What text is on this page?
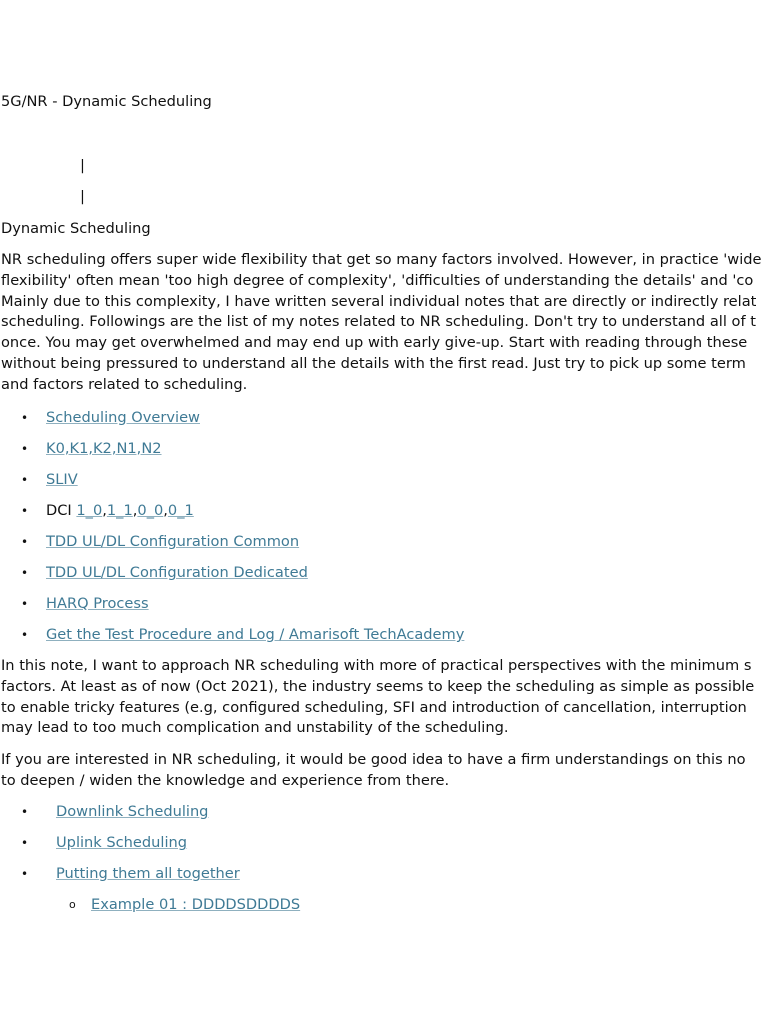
5G/NR - Dynamic Scheduling
|
|
Dynamic Scheduling
NR scheduling offers super wide flexibility that get so many factors involved. However, in practice 'wide
flexibility' often mean 'too high degree of complexity', 'difficulties of understanding the details' and 'co
Mainly due to this complexity, I have written several individual notes that are directly or indirectly relat
scheduling. Followings are the list of my notes related to NR scheduling. Don't try to understand all of t
once. You may get overwhelmed and may end up with early give-up. Start with reading through these
without being pressured to understand all the details with the first read. Just try to pick up some term
and factors related to scheduling.
• Scheduling Overview
• K0,K1,K2,N1,N2
• SLIV
• DCI 1_0,1_1,0_0,0_1
• TDD UL/DL Configuration Common
• TDD UL/DL Configuration Dedicated
• HARQ Process
• Get the Test Procedure and Log / Amarisoft TechAcademy
In this note, I want to approach NR scheduling with more of practical perspectives with the minimum s
factors. At least as of now (Oct 2021), the industry seems to keep the scheduling as simple as possible
to enable tricky features (e.g, configured scheduling, SFI and introduction of cancellation, interruption
may lead to too much complication and unstability of the scheduling.
If you are interested in NR scheduling, it would be good idea to have a firm understandings on this no
to deepen / widen the knowledge and experience from there.
• Downlink Scheduling
• Uplink Scheduling
• Putting them all together
o Example 01 : DDDDSDDDDS
